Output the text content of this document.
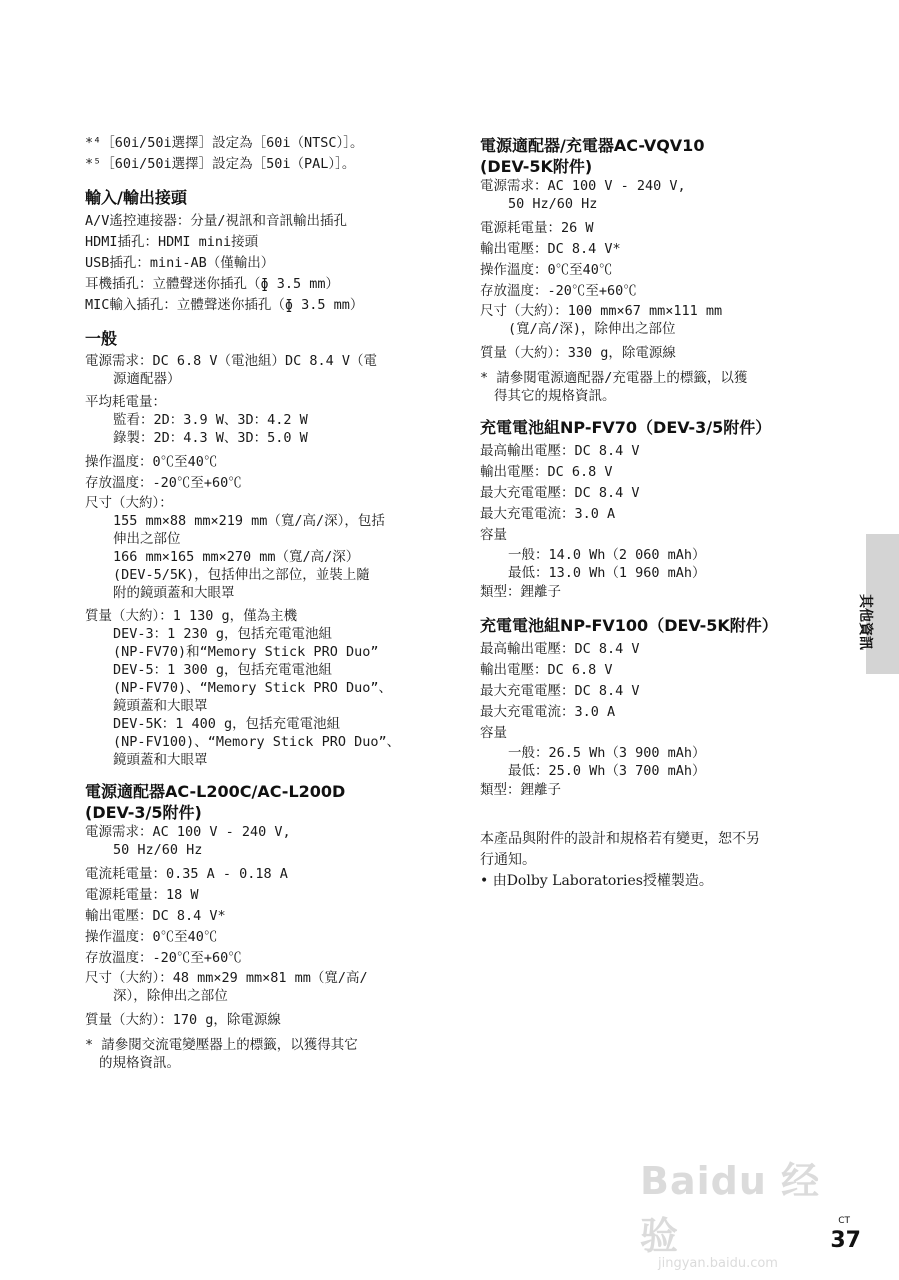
*⁴［60i/50i選擇］設定為［60i（NTSC）］。
*⁵［60i/50i選擇］設定為［50i（PAL）］。
輸入/輸出接頭
A/V遙控連接器：分量/視訊和音訊輸出插孔
HDMI插孔：HDMI mini接頭
USB插孔：mini-AB（僅輸出）
耳機插孔：立體聲迷你插孔（ɸ 3.5 mm）
MIC輸入插孔：立體聲迷你插孔（ɸ 3.5 mm）
一般
電源需求：DC 6.8 V（電池組）DC 8.4 V（電
源適配器）
平均耗電量：
監看：2D：3.9 W、3D：4.2 W
錄製：2D：4.3 W、3D：5.0 W
操作溫度：0℃至40℃
存放溫度：-20℃至+60℃
尺寸（大約）：
155 mm×88 mm×219 mm（寬/高/深），包括
伸出之部位
166 mm×165 mm×270 mm（寬/高/深）
(DEV-5/5K)，包括伸出之部位，並裝上隨
附的鏡頭蓋和大眼罩
質量（大約）：1 130 g，僅為主機
DEV-3：1 230 g，包括充電電池組
(NP-FV70)和“Memory Stick PRO Duo”
DEV-5：1 300 g，包括充電電池組
(NP-FV70)、“Memory Stick PRO Duo”、
鏡頭蓋和大眼罩
DEV-5K：1 400 g，包括充電電池組
(NP-FV100)、“Memory Stick PRO Duo”、
鏡頭蓋和大眼罩
電源適配器AC-L200C/AC-L200D
(DEV-3/5附件)
電源需求：AC 100 V - 240 V,
50 Hz/60 Hz
電流耗電量：0.35 A - 0.18 A
電源耗電量：18 W
輸出電壓：DC 8.4 V*
操作溫度：0℃至40℃
存放溫度：-20℃至+60℃
尺寸（大約）：48 mm×29 mm×81 mm（寬/高/
深），除伸出之部位
質量（大約）：170 g，除電源線
* 請參閱交流電變壓器上的標籤，以獲得其它
的規格資訊。
電源適配器/充電器AC-VQV10
(DEV-5K附件)
電源需求：AC 100 V - 240 V,
50 Hz/60 Hz
電源耗電量：26 W
輸出電壓：DC 8.4 V*
操作溫度：0℃至40℃
存放溫度：-20℃至+60℃
尺寸（大約）：100 mm×67 mm×111 mm
(寬/高/深)，除伸出之部位
質量（大約）：330 g，除電源線
* 請參閱電源適配器/充電器上的標籤，以獲
得其它的規格資訊。
充電電池組NP-FV70（DEV-3/5附件）
最高輸出電壓：DC 8.4 V
輸出電壓：DC 6.8 V
最大充電電壓：DC 8.4 V
最大充電電流：3.0 A
容量
一般：14.0 Wh（2 060 mAh）
最低：13.0 Wh（1 960 mAh）
類型：鋰離子
充電電池組NP-FV100（DEV-5K附件）
最高輸出電壓：DC 8.4 V
輸出電壓：DC 6.8 V
最大充電電壓：DC 8.4 V
最大充電電流：3.0 A
容量
一般：26.5 Wh（3 900 mAh）
最低：25.0 Wh（3 700 mAh）
類型：鋰離子
本產品與附件的設計和規格若有變更，恕不另
行通知。
• 由Dolby Laboratories授權製造。
其他資訊
Baidu 经验
jingyan.baidu.com
CT
37
